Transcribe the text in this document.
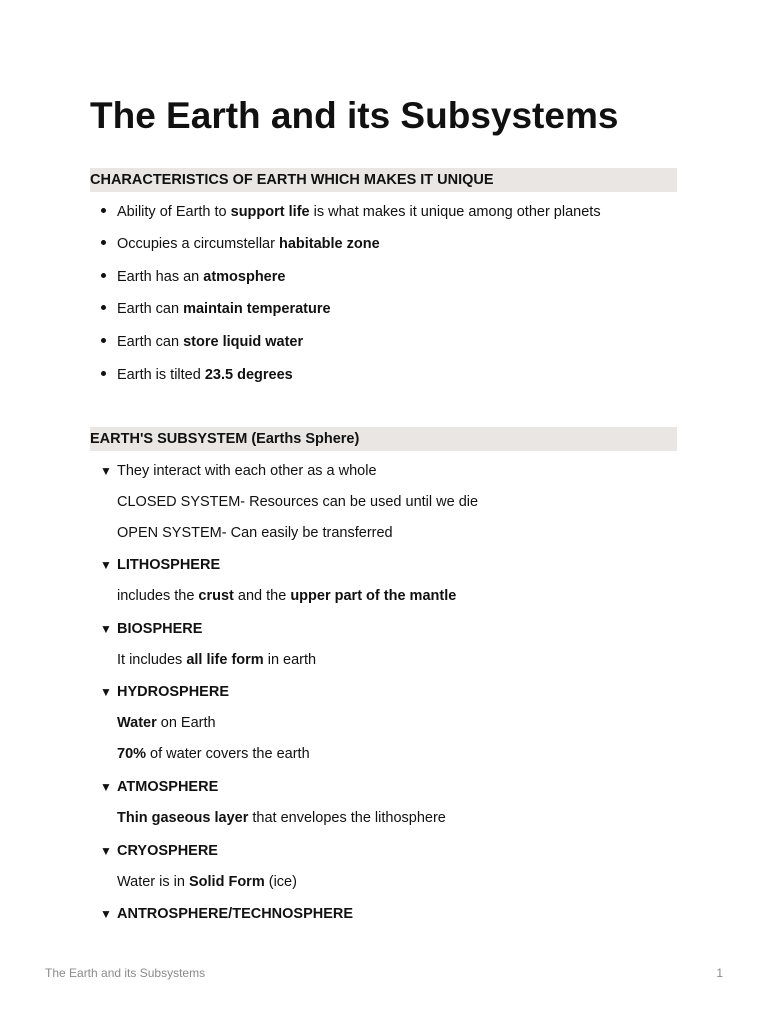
The Earth and its Subsystems
CHARACTERISTICS OF EARTH WHICH MAKES IT UNIQUE
Ability of Earth to support life is what makes it unique among other planets
Occupies a circumstellar habitable zone
Earth has an atmosphere
Earth can maintain temperature
Earth can store liquid water
Earth is tilted 23.5 degrees
EARTH'S SUBSYSTEM (Earths Sphere)
▼ They interact with each other as a whole
CLOSED SYSTEM- Resources can be used until we die
OPEN SYSTEM- Can easily be transferred
▼ LITHOSPHERE
includes the crust and the upper part of the mantle
▼ BIOSPHERE
It includes all life form in earth
▼ HYDROSPHERE
Water on Earth
70% of water covers the earth
▼ ATMOSPHERE
Thin gaseous layer that envelopes the lithosphere
▼ CRYOSPHERE
Water is in Solid Form (ice)
▼ ANTROSPHERE/TECHNOSPHERE
The Earth and its Subsystems	1
